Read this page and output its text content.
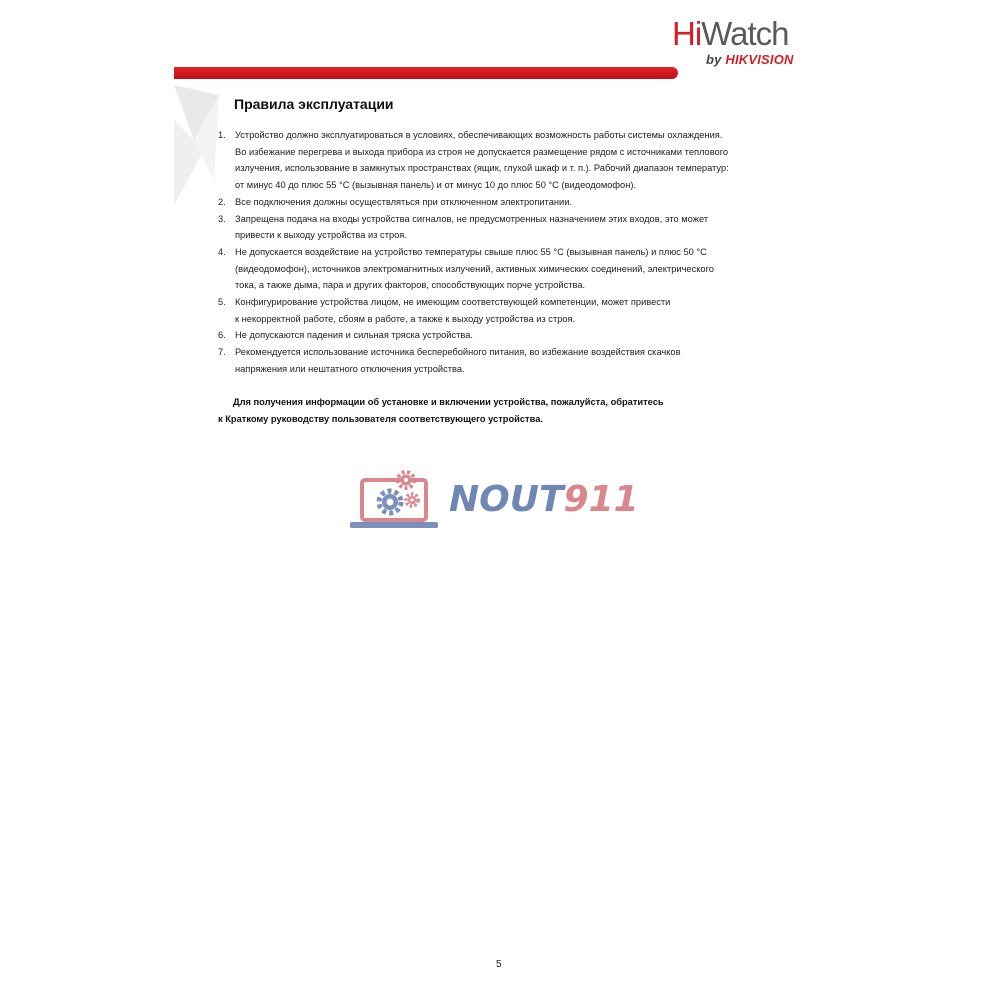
HiWatch
by HIKVISION
Правила эксплуатации
1. Устройство должно эксплуатироваться в условиях, обеспечивающих возможность работы системы охлаждения.
Во избежание перегрева и выхода прибора из строя не допускается размещение рядом с источниками теплового
излучения, использование в замкнутых пространствах (ящик, глухой шкаф и т. п.). Рабочий диапазон температур:
от минус 40 до плюс 55 °С (вызывная панель) и от минус 10 до плюс 50 °С (видеодомофон).
2. Все подключения должны осуществляться при отключенном электропитании.
3. Запрещена подача на входы устройства сигналов, не предусмотренных назначением этих входов, это может
привести к выходу устройства из строя.
4. Не допускается воздействие на устройство температуры свыше плюс 55 °С (вызывная панель) и плюс 50 °С
(видеодомофон), источников электромагнитных излучений, активных химических соединений, электрического
тока, а также дыма, пара и других факторов, способствующих порче устройства.
5. Конфигурирование устройства лицом, не имеющим соответствующей компетенции, может привести
к некорректной работе, сбоям в работе, а также к выходу устройства из строя.
6. Не допускаются падения и сильная тряска устройства.
7. Рекомендуется использование источника бесперебойного питания, во избежание воздействия скачков
напряжения или нештатного отключения устройства.
Для получения информации об установке и включении устройства, пожалуйста, обратитесь
к Краткому руководству пользователя соответствующего устройства.
NOUT911
5
